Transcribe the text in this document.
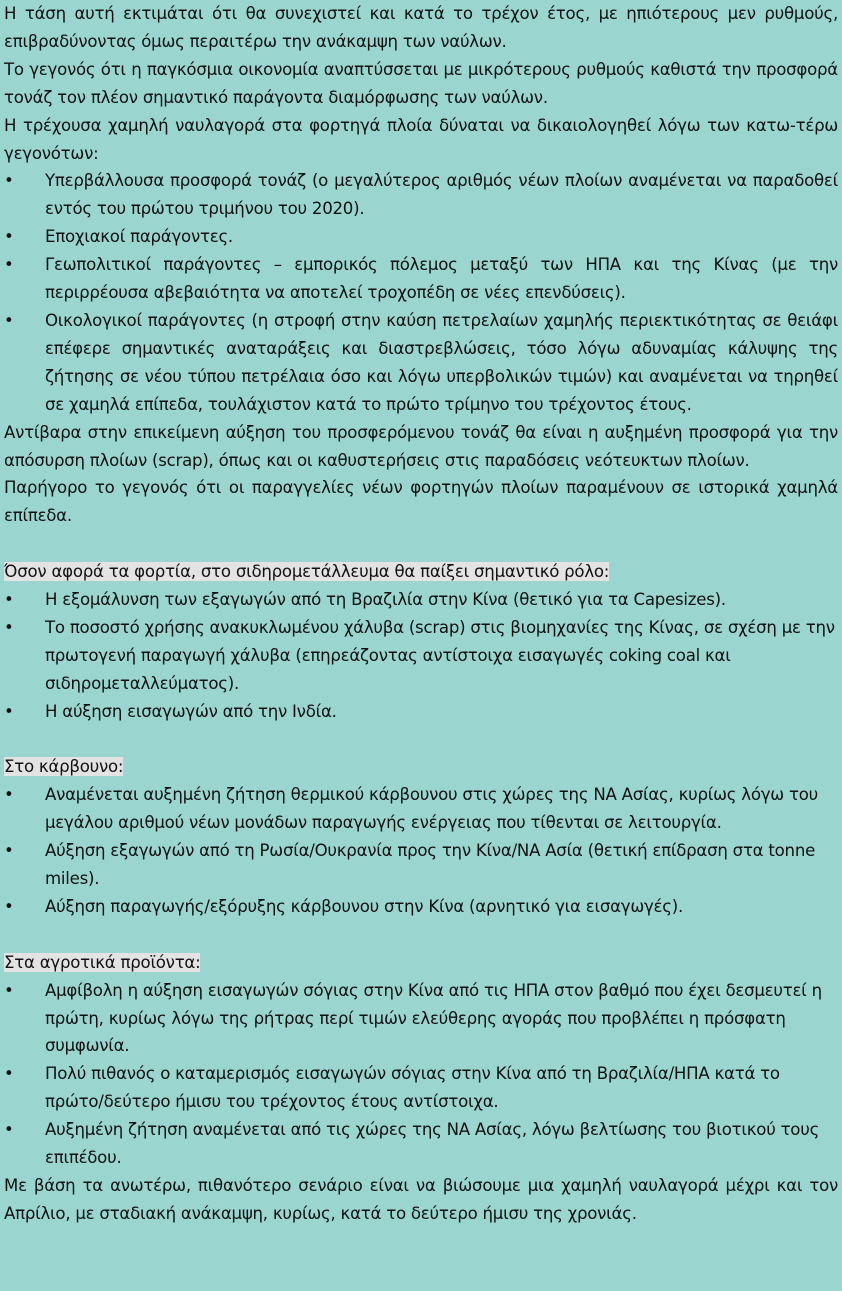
Η τάση αυτή εκτιμάται ότι θα συνεχιστεί και κατά το τρέχον έτος, με ηπιότερους μεν ρυθμούς, επιβραδύνοντας όμως περαιτέρω την ανάκαμψη των ναύλων.

Το γεγονός ότι η παγκόσμια οικονομία αναπτύσσεται με μικρότερους ρυθμούς καθιστά την προσφορά τονάζ τον πλέον σημαντικό παράγοντα διαμόρφωσης των ναύλων.

Η τρέχουσα χαμηλή ναυλαγορά στα φορτηγά πλοία δύναται να δικαιολογηθεί λόγω των κατω-τέρω γεγονότων:

• Υπερβάλλουσα προσφορά τονάζ (ο μεγαλύτερος αριθμός νέων πλοίων αναμένεται να παραδοθεί εντός του πρώτου τριμήνου του 2020).
• Εποχιακοί παράγοντες.
• Γεωπολιτικοί παράγοντες – εμπορικός πόλεμος μεταξύ των ΗΠΑ και της Κίνας (με την περιρρέουσα αβεβαιότητα να αποτελεί τροχοπέδη σε νέες επενδύσεις).
• Οικολογικοί παράγοντες (η στροφή στην καύση πετρελαίων χαμηλής περιεκτικότητας σε θειάφι επέφερε σημαντικές αναταράξεις και διαστρεβλώσεις, τόσο λόγω αδυναμίας κάλυψης της ζήτησης σε νέου τύπου πετρέλαια όσο και λόγω υπερβολικών τιμών) και αναμένεται να τηρηθεί σε χαμηλά επίπεδα, τουλάχιστον κατά το πρώτο τρίμηνο του τρέχοντος έτους.

Αντίβαρα στην επικείμενη αύξηση του προσφερόμενου τονάζ θα είναι η αυξημένη προσφορά για την απόσυρση πλοίων (scrap), όπως και οι καθυστερήσεις στις παραδόσεις νεότευκτων πλοίων.

Παρήγορο το γεγονός ότι οι παραγγελίες νέων φορτηγών πλοίων παραμένουν σε ιστορικά χαμηλά επίπεδα.

Όσον αφορά τα φορτία, στο σιδηρομετάλλευμα θα παίξει σημαντικό ρόλο:

• Η εξομάλυνση των εξαγωγών από τη Βραζιλία στην Κίνα (θετικό για τα Capesizes).
• Το ποσοστό χρήσης ανακυκλωμένου χάλυβα (scrap) στις βιομηχανίες της Κίνας, σε σχέση με την πρωτογενή παραγωγή χάλυβα (επηρεάζοντας αντίστοιχα εισαγωγές coking coal και σιδηρομεταλλεύματος).
• Η αύξηση εισαγωγών από την Ινδία.

Στο κάρβουνο:

• Αναμένεται αυξημένη ζήτηση θερμικού κάρβουνου στις χώρες της ΝΑ Ασίας, κυρίως λόγω του μεγάλου αριθμού νέων μονάδων παραγωγής ενέργειας που τίθενται σε λειτουργία.
• Αύξηση εξαγωγών από τη Ρωσία/Ουκρανία προς την Κίνα/ΝΑ Ασία (θετική επίδραση στα tonne miles).
• Αύξηση παραγωγής/εξόρυξης κάρβουνου στην Κίνα (αρνητικό για εισαγωγές).

Στα αγροτικά προϊόντα:

• Αμφίβολη η αύξηση εισαγωγών σόγιας στην Κίνα από τις ΗΠΑ στον βαθμό που έχει δεσμευτεί η πρώτη, κυρίως λόγω της ρήτρας περί τιμών ελεύθερης αγοράς που προβλέπει η πρόσφατη συμφωνία.
• Πολύ πιθανός ο καταμερισμός εισαγωγών σόγιας στην Κίνα από τη Βραζιλία/ΗΠΑ κατά το πρώτο/δεύτερο ήμισυ του τρέχοντος έτους αντίστοιχα.
• Αυξημένη ζήτηση αναμένεται από τις χώρες της ΝΑ Ασίας, λόγω βελτίωσης του βιοτικού τους επιπέδου.

Με βάση τα ανωτέρω, πιθανότερο σενάριο είναι να βιώσουμε μια χαμηλή ναυλαγορά μέχρι και τον Απρίλιο, με σταδιακή ανάκαμψη, κυρίως, κατά το δεύτερο ήμισυ της χρονιάς.
